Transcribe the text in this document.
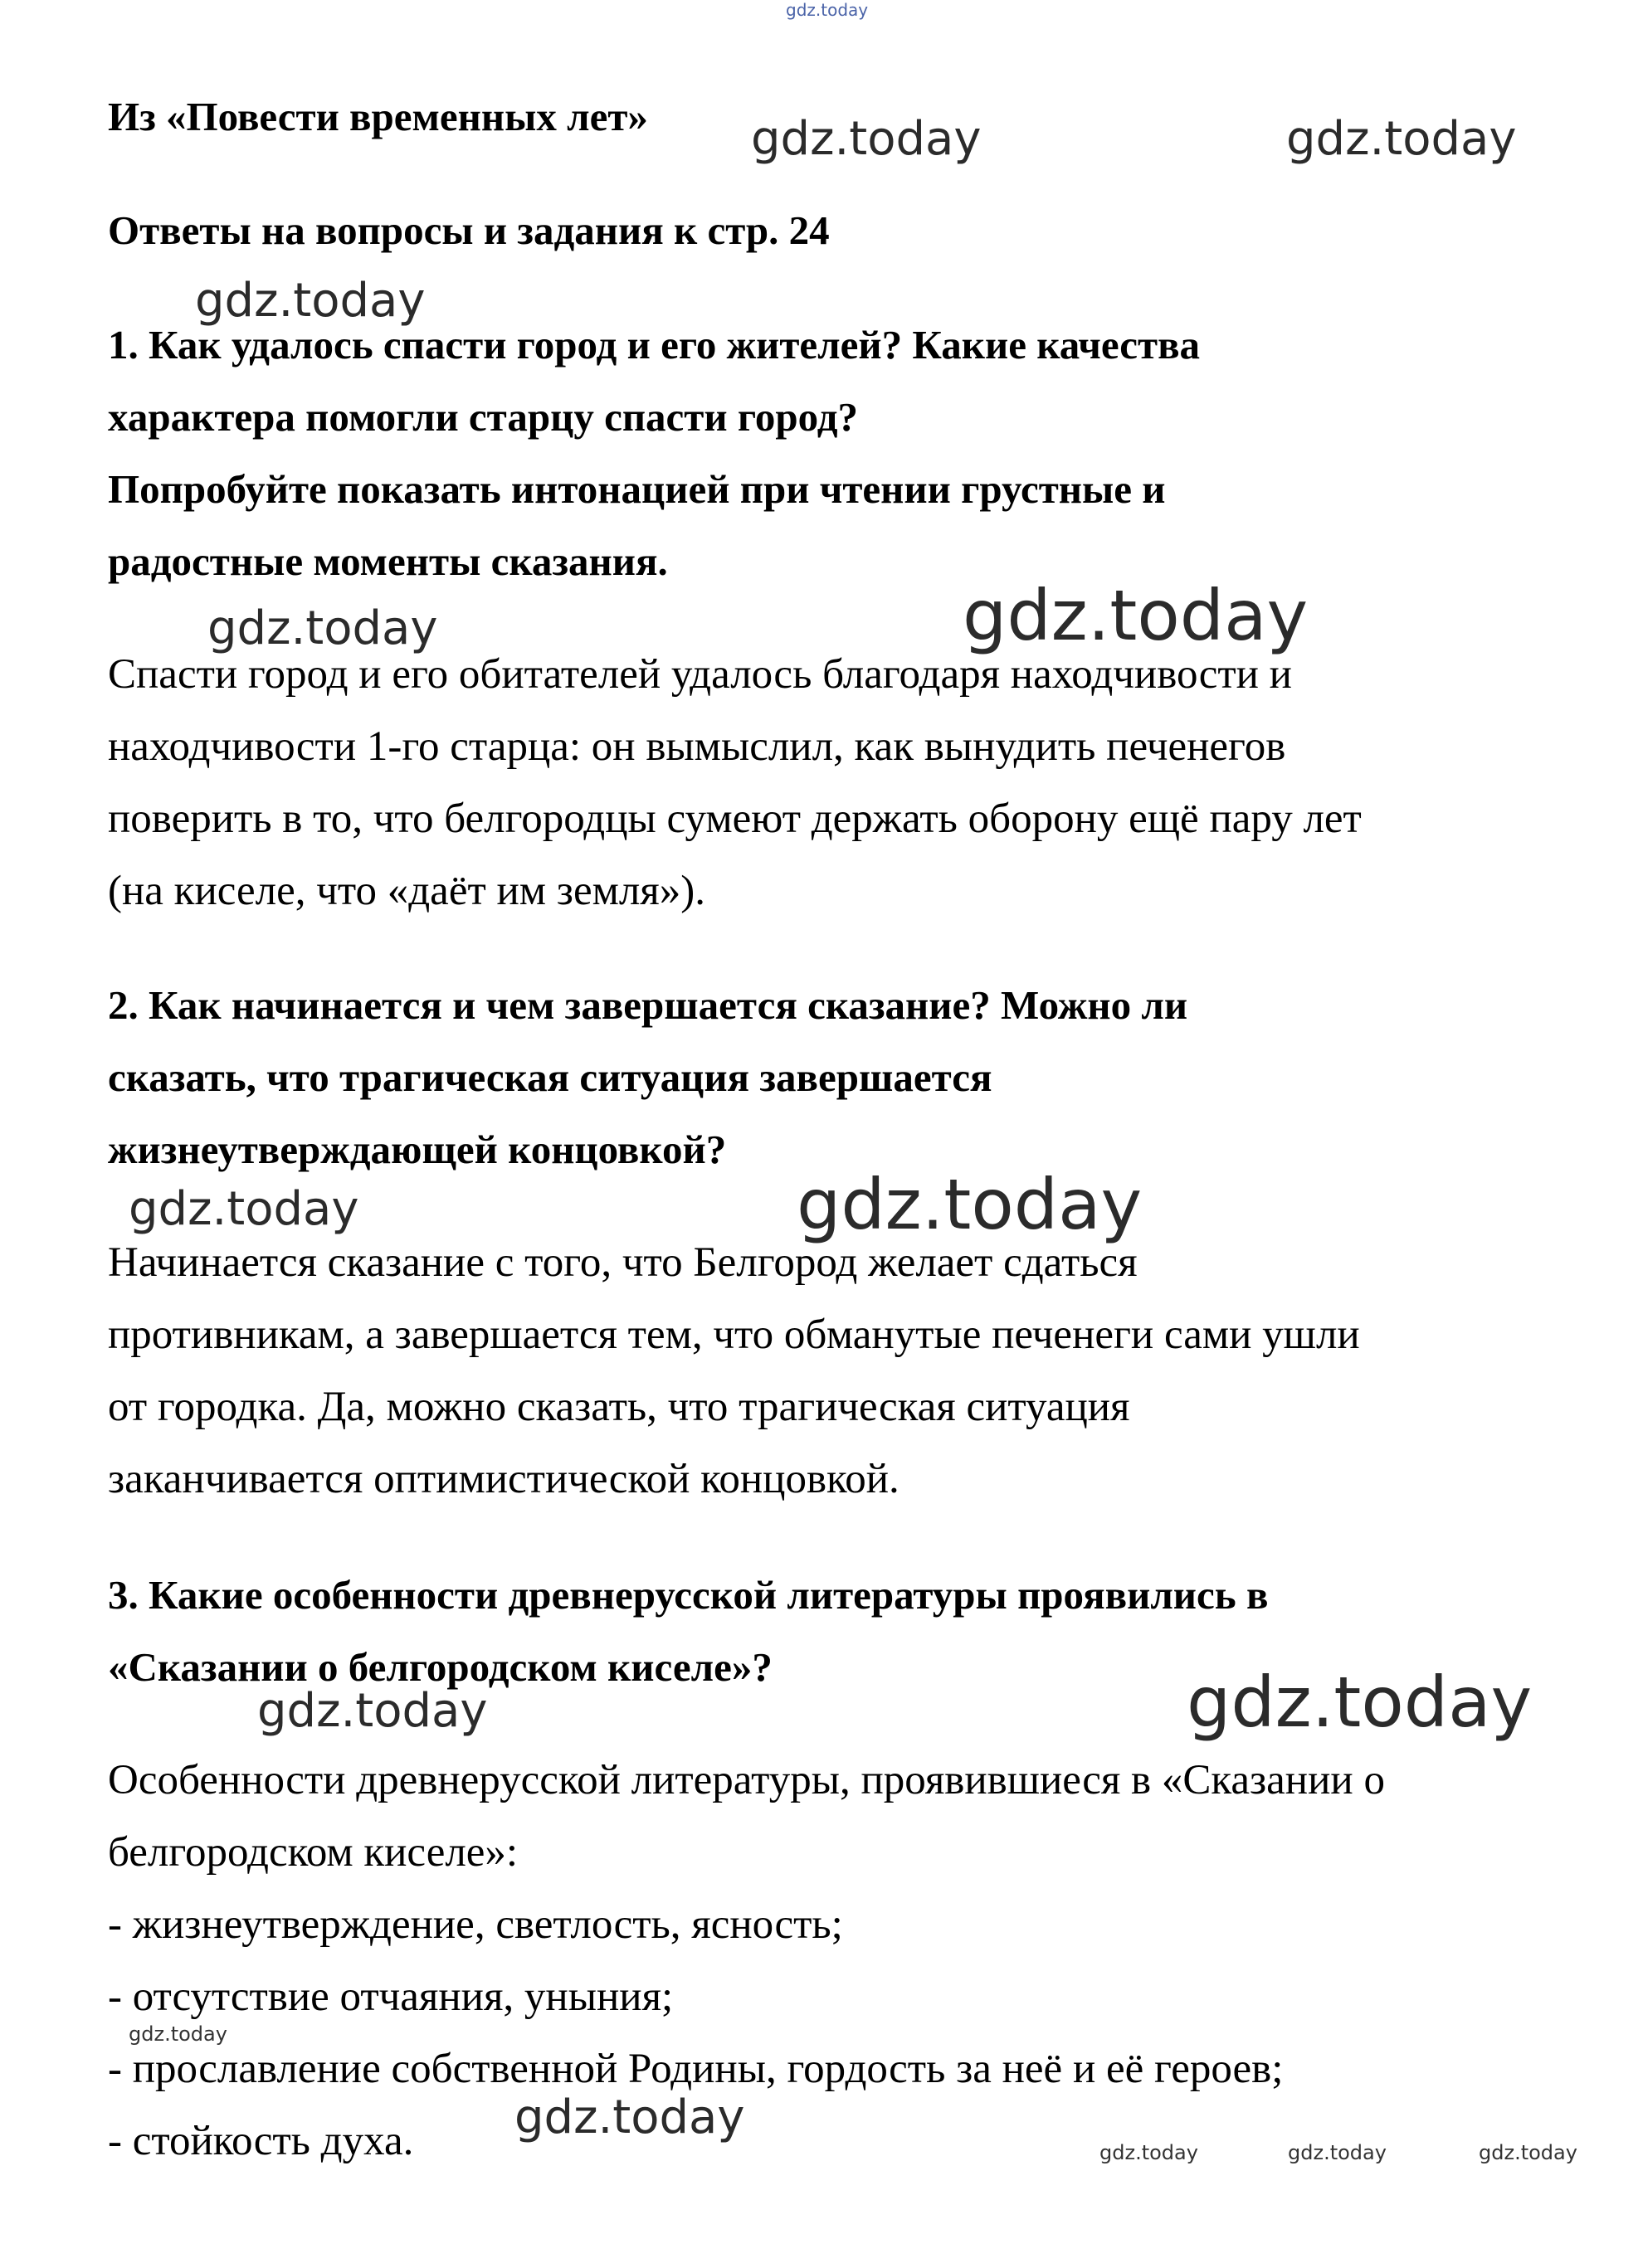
gdz.today
gdz.today	gdz.today
gdz.today
gdz.today	gdz.today
gdz.today	gdz.today
gdz.today	gdz.today
gdz.today
gdz.today
gdz.today	gdz.today	gdz.today
Из «Повести временных лет»
Ответы на вопросы и задания к стр. 24
1. Как удалось спасти город и его жителей? Какие качества
характера помогли старцу спасти город?
Попробуйте показать интонацией при чтении грустные и
радостные моменты сказания.
Спасти город и его обитателей удалось благодаря находчивости и
находчивости 1-го старца: он вымыслил, как вынудить печенегов
поверить в то, что белгородцы сумеют держать оборону ещё пару лет
(на киселе, что «даёт им земля»).
2. Как начинается и чем завершается сказание? Можно ли
сказать, что трагическая ситуация завершается
жизнеутверждающей концовкой?
Начинается сказание с того, что Белгород желает сдаться
противникам, а завершается тем, что обманутые печенеги сами ушли
от городка. Да, можно сказать, что трагическая ситуация
заканчивается оптимистической концовкой.
3. Какие особенности древнерусской литературы проявились в
«Сказании о белгородском киселе»?
Особенности древнерусской литературы, проявившиеся в «Сказании о
белгородском киселе»:
- жизнеутверждение, светлость, ясность;
- отсутствие отчаяния, уныния;
- прославление собственной Родины, гордость за неё и её героев;
- стойкость духа.
